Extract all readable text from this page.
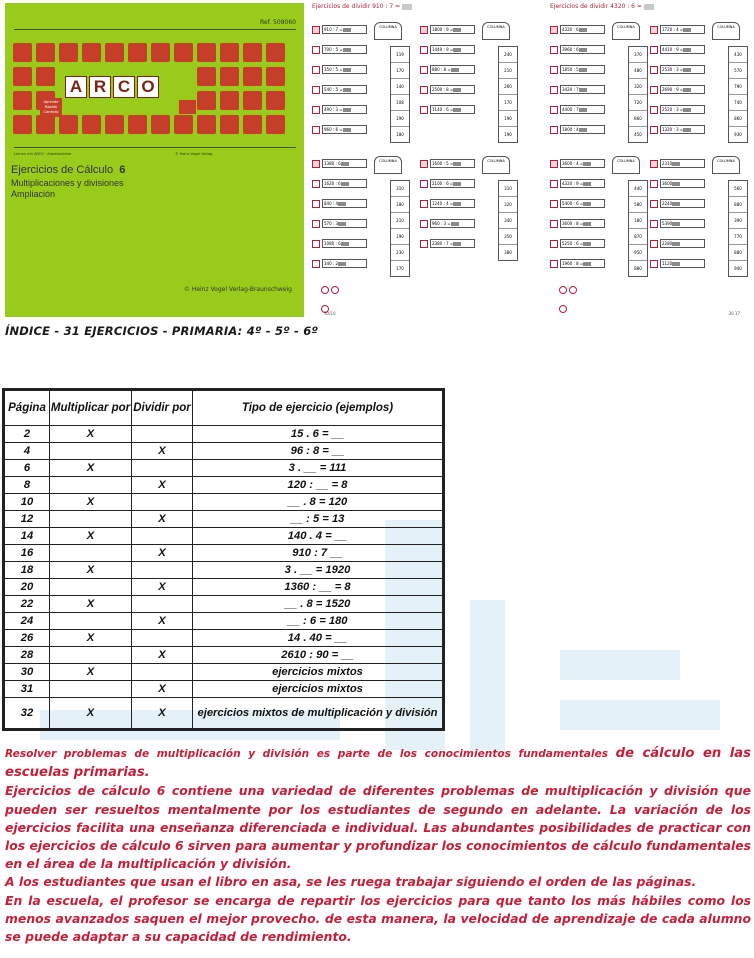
Ref. 508060
A R C O
Aprende
Rapido
Correcto
Lernen mit ARCO · Arbeitsbücher	© Heinz Vogel Verlag
Ejercicios de Cálculo 6
Multiplicaciones y divisiones
Ampliación
© Heinz Vogel Verlag-Braunschweig
Ejercicios de dividir 910 : 7 =
30/10
910 : 7 =
700 : 5 =
350 : 5 =
540 : 5 =
490 : 3 =
960 : 6 =
119
170
140
108
190
180
COLUMNA	1800 : 9 =
1440 : 9 =
880 : 8 =
2500 : 8 =
1140 : 6 =
240
210
260
170
190
190
COLUMNA
1380 : 6
1620 : 6
840 : 4
570 : 3
1080 : 6
340 : 2
310
180
210
190
230
170
COLUMNA	1600 : 5 =
2100 : 6 =
1240 : 4 =
960 : 3 =
2380 : 7 =
310
320
340
350
380
COLUMNA
Ejercicios de dividir 4320 : 6 =
30 17
4320 : 6
3960 : 6
1850 : 5
3420 : 7
4400 : 7
1800 : 4
370
480
320
720
860
450
COLUMNA	1720 : 4 =
4410 : 9 =
2530 : 3 =
2690 : 9 =
2520 : 3 =
1320 : 3 =
430
570
790
740
860
930
COLUMNA
3600 : 4 =
4320 : 9 =
5400 : 6 =
3600 : 8 =
5250 : 6 =
1960 : 8 =
440
580
180
870
950
880
COLUMNA	2310
3600
2240
5390
2280
1120
560
880
390
770
880
940
COLUMNA
ÍNDICE - 31 EJERCICIOS - PRIMARIA: 4º - 5º - 6º
Página	Multiplicar por	Dividir por	Tipo de ejercicio (ejemplos)
2	X		15 . 6 = __
4		X	96 : 8 = __
6	X		3 . __ = 111
8		X	120 : __ = 8
10	X		__ . 8 = 120
12		X	__ : 5 = 13
14	X		140 . 4 = __
16		X	910 : 7 __
18	X		3 . __ = 1920
20		X	1360 : __ = 8
22	X		__ . 8 = 1520
24		X	__ : 6 = 180
26	X		14 . 40 = __
28		X	2610 : 90 = __
30	X		ejercicios mixtos
31		X	ejercicios mixtos
32	X	X	ejercicios mixtos de multiplicación y división

Resolver problemas de multiplicación y división es parte de los conocimientos fundamentales de cálculo en las escuelas primarias.

Ejercicios de cálculo 6 contiene una variedad de diferentes problemas de multiplicación y división que pueden ser resueltos mentalmente por los estudiantes de segundo en adelante. La variación de los ejercicios facilita una enseñanza diferenciada e individual. Las abundantes posibilidades de practicar con los ejercicios de cálculo 6 sirven para aumentar y profundizar los conocimientos de cálculo fundamentales en el área de la multiplicación y división.

A los estudiantes que usan el libro en asa, se les ruega trabajar siguiendo el orden de las páginas.

En la escuela, el profesor se encarga de repartir los ejercicios para que tanto los más hábiles como los menos avanzados saquen el mejor provecho. de esta manera, la velocidad de aprendizaje de cada alumno se puede adaptar a su capacidad de rendimiento.
